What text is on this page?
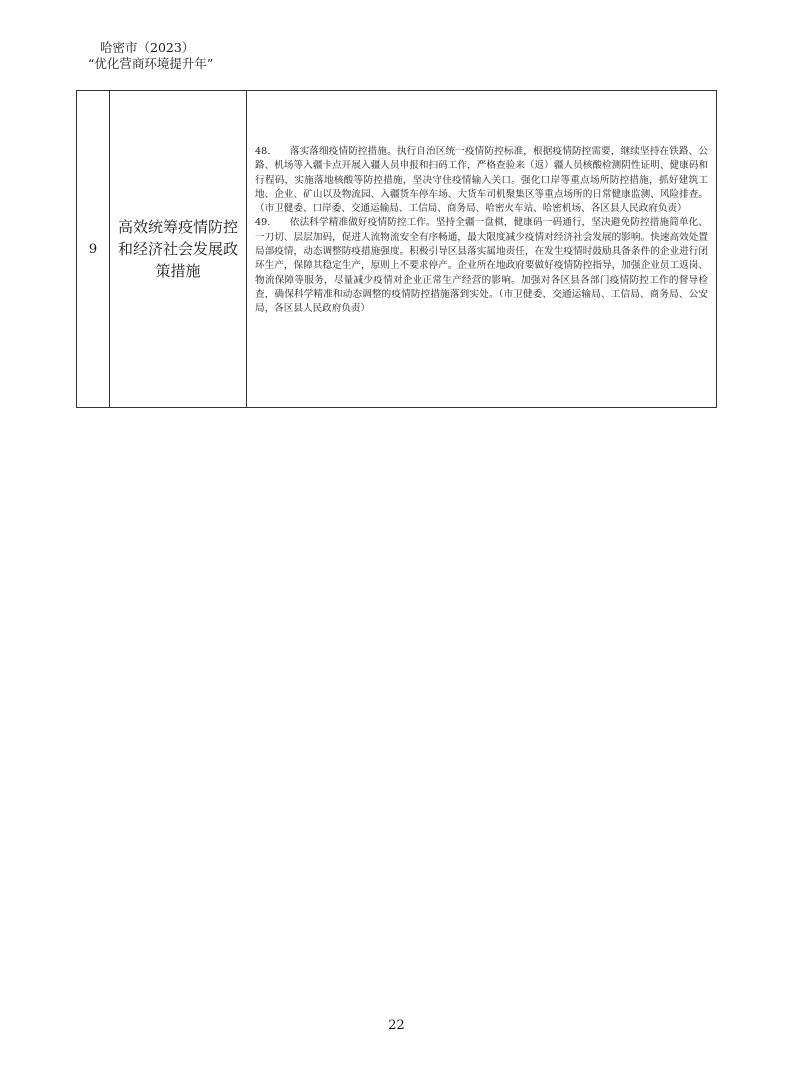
哈密市（2023）
“优化营商环境提升年”
9
高效统筹疫情防控和经济社会发展政策措施

48.　　落实落细疫情防控措施。执行自治区统一疫情防控标准，根据疫情防控需要，继续坚持在铁路、公路、机场等入疆卡点开展入疆人员申报和扫码工作，严格查验来（返）疆人员核酸检测阴性证明、健康码和行程码，实施落地核酸等防控措施，坚决守住疫情输入关口。强化口岸等重点场所防控措施，抓好建筑工地、企业、矿山以及物流园、入疆货车停车场、大货车司机聚集区等重点场所的日常健康监测、风险排查。（市卫健委、口岸委、交通运输局、工信局、商务局、哈密火车站、哈密机场、各区县人民政府负责）

49.　　依法科学精准做好疫情防控工作。坚持全疆一盘棋，健康码一码通行，坚决避免防控措施简单化、一刀切、层层加码，促进人流物流安全有序畅通，最大限度减少疫情对经济社会发展的影响。快速高效处置局部疫情，动态调整防疫措施强度。积极引导区县落实属地责任，在发生疫情时鼓励具备条件的企业进行闭环生产，保障其稳定生产，原则上不要求停产。企业所在地政府要做好疫情防控指导，加强企业员工返岗、物流保障等服务，尽量减少疫情对企业正常生产经营的影响。加强对各区县各部门疫情防控工作的督导检查，确保科学精准和动态调整的疫情防控措施落到实处。（市卫健委、交通运输局、工信局、商务局、公安局，各区县人民政府负责）

22
